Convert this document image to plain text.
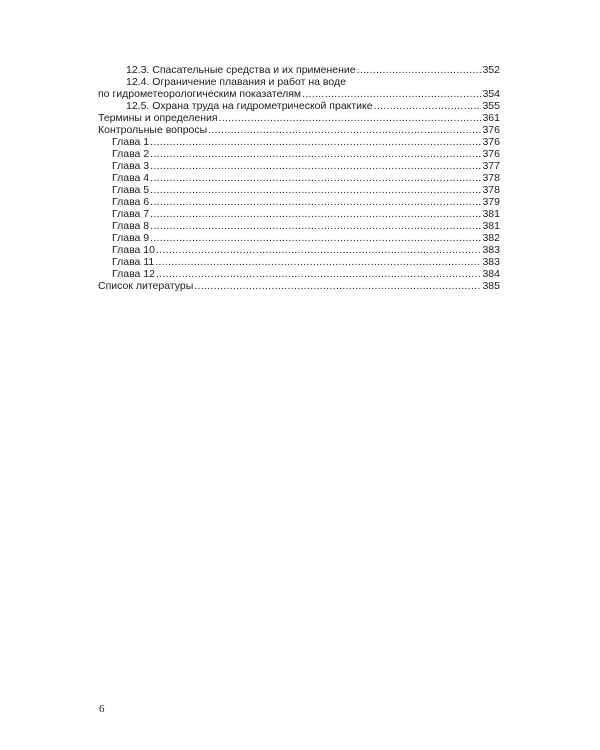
12.3. Спасательные средства и их применение .....	352
12.4. Ограничение плавания и работ на воде
по гидрометеорологическим показателям .....	354
12.5. Охрана труда на гидрометрической практике .....	355
Термины и определения .....	361
Контрольные вопросы .....	376
Глава 1 .....	376
Глава 2 .....	376
Глава 3 .....	377
Глава 4 .....	378
Глава 5 .....	378
Глава 6 .....	379
Глава 7 .....	381
Глава 8 .....	381
Глава 9 .....	382
Глава 10 .....	383
Глава 11 .....	383
Глава 12 .....	384
Список литературы .....	385
6
